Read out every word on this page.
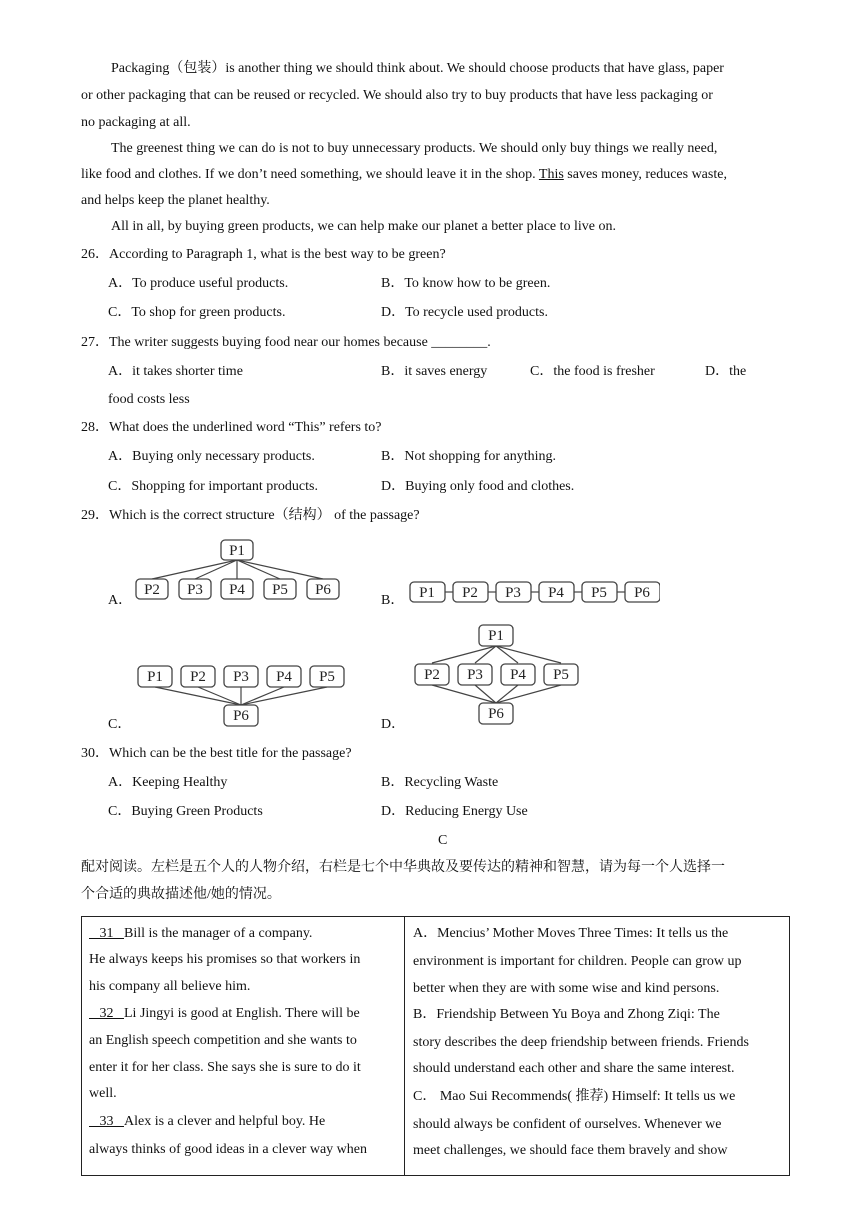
Packaging（包装）is another thing we should think about. We should choose products that have glass, paper
or other packaging that can be reused or recycled. We should also try to buy products that have less packaging or
no packaging at all.
The greenest thing we can do is not to buy unnecessary products. We should only buy things we really need,
like food and clothes. If we don’t need something, we should leave it in the shop. This saves money, reduces waste,
and helps keep the planet healthy.
All in all, by buying green products, we can help make our planet a better place to live on.
26．According to Paragraph 1, what is the best way to be green?
A．To produce useful products.	B．To know how to be green.
C．To shop for green products.	D．To recycle used products.
27．The writer suggests buying food near our homes because ________.
A．it takes shorter time	B．it saves energy	C．the food is fresher	D．the
food costs less
28．What does the underlined word “This” refers to?
A．Buying only necessary products.	B．Not shopping for anything.
C．Shopping for important products.	D．Buying only food and clothes.
29．Which is the correct structure（结构） of the passage?
A．	B．
C．	D．
P1
P2 P3 P4 P5 P6	P1 P2 P3 P4 P5 P6
P1 P2 P3 P4 P5
P6
P1
P2 P3 P4 P5
P6
30．Which can be the best title for the passage?
A．Keeping Healthy	B．Recycling Waste
C．Buying Green Products	D．Reducing Energy Use
C
配对阅读。左栏是五个人的人物介绍，右栏是七个中华典故及要传达的精神和智慧，请为每一个人选择一
个合适的典故描述他/她的情况。
31 Bill is the manager of a company.
He always keeps his promises so that workers in
his company all believe him.
32 Li Jingyi is good at English. There will be
an English speech competition and she wants to
enter it for her class. She says she is sure to do it
well.
33 Alex is a clever and helpful boy. He
always thinks of good ideas in a clever way when
A．Mencius’ Mother Moves Three Times: It tells us the
environment is important for children. People can grow up
better when they are with some wise and kind persons.
B．Friendship Between Yu Boya and Zhong Ziqi: The
story describes the deep friendship between friends. Friends
should understand each other and share the same interest.
C． Mao Sui Recommends( 推荐) Himself: It tells us we
should always be confident of ourselves. Whenever we
meet challenges, we should face them bravely and show
